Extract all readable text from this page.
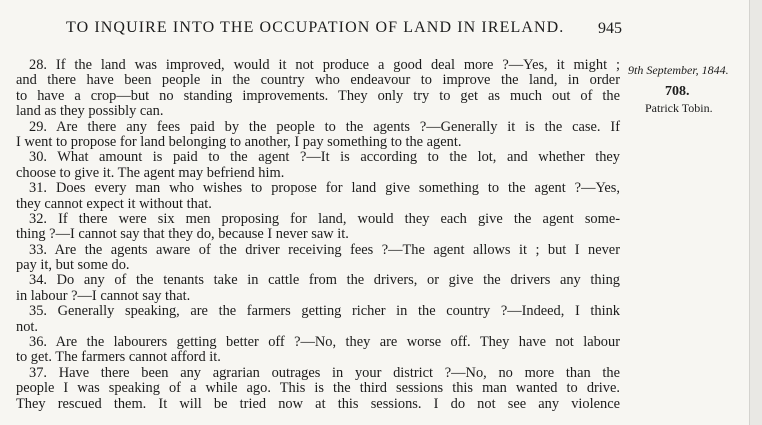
TO INQUIRE INTO THE OCCUPATION OF LAND IN IRELAND. 945
9th September, 1844.
708.
Patrick Tobin.
28. If the land was improved, would it not produce a good deal more ?—Yes, it might ;
and there have been people in the country who endeavour to improve the land, in order
to have a crop—but no standing improvements. They only try to get as much out of the
land as they possibly can.
29. Are there any fees paid by the people to the agents ?—Generally it is the case. If
I went to propose for land belonging to another, I pay something to the agent.
30. What amount is paid to the agent ?—It is according to the lot, and whether they
choose to give it. The agent may befriend him.
31. Does every man who wishes to propose for land give something to the agent ?—Yes,
they cannot expect it without that.
32. If there were six men proposing for land, would they each give the agent some-
thing ?—I cannot say that they do, because I never saw it.
33. Are the agents aware of the driver receiving fees ?—The agent allows it ; but I never
pay it, but some do.
34. Do any of the tenants take in cattle from the drivers, or give the drivers any thing
in labour ?—I cannot say that.
35. Generally speaking, are the farmers getting richer in the country ?—Indeed, I think
not.
36. Are the labourers getting better off ?—No, they are worse off. They have not labour
to get. The farmers cannot afford it.
37. Have there been any agrarian outrages in your district ?—No, no more than the
people I was speaking of a while ago. This is the third sessions this man wanted to drive.
They rescued them. It will be tried now at this sessions. I do not see any violence
